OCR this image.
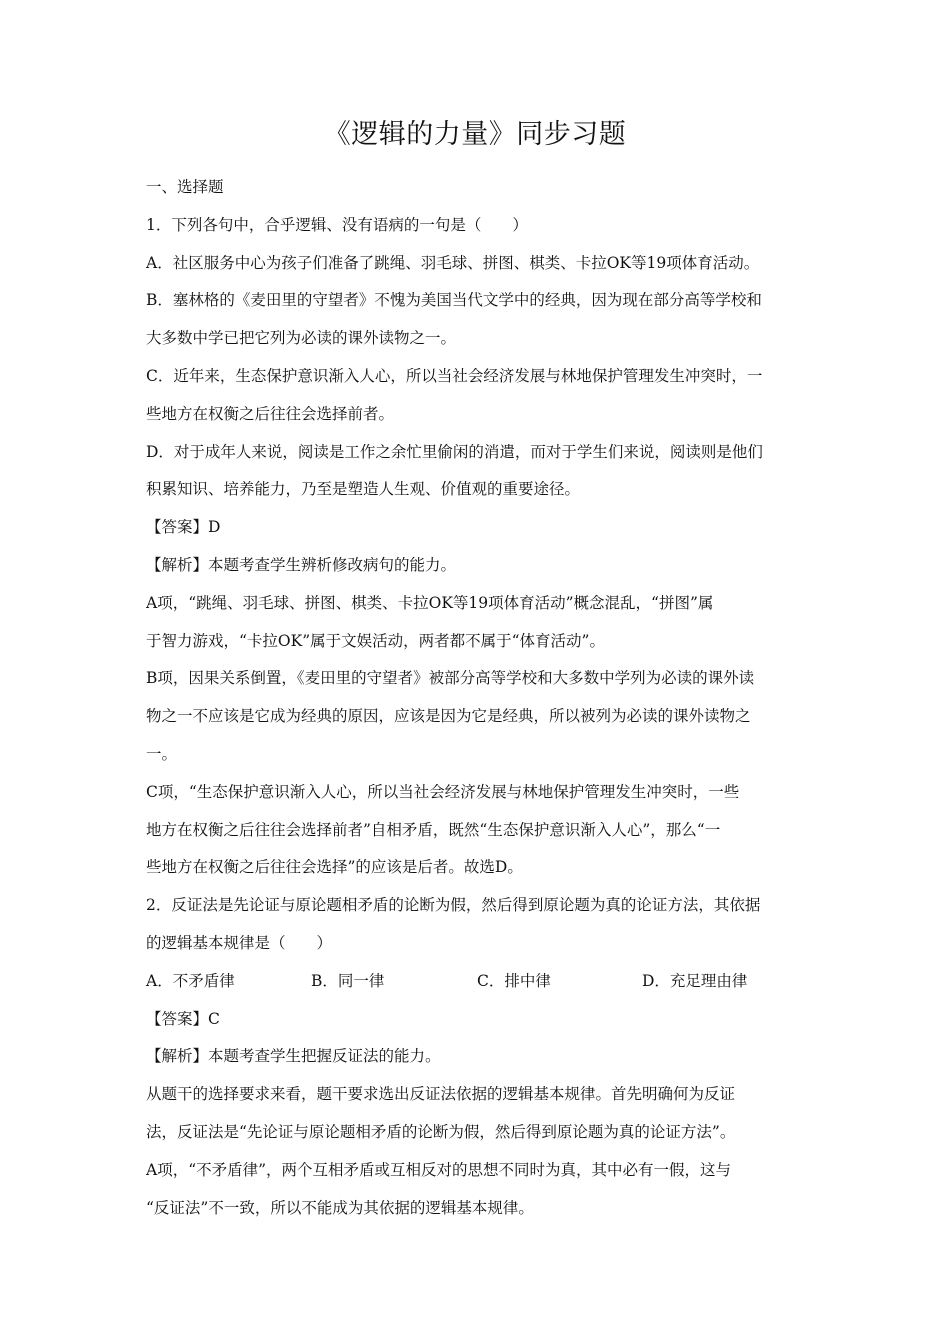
《逻辑的力量》同步习题
一、选择题
1．下列各句中，合乎逻辑、没有语病的一句是（　　）
A．社区服务中心为孩子们准备了跳绳、羽毛球、拼图、棋类、卡拉OK等19项体育活动。
B．塞林格的《麦田里的守望者》不愧为美国当代文学中的经典，因为现在部分高等学校和
大多数中学已把它列为必读的课外读物之一。
C．近年来，生态保护意识渐入人心，所以当社会经济发展与林地保护管理发生冲突时，一
些地方在权衡之后往往会选择前者。
D．对于成年人来说，阅读是工作之余忙里偷闲的消遣，而对于学生们来说，阅读则是他们
积累知识、培养能力，乃至是塑造人生观、价值观的重要途径。
【答案】D
【解析】本题考查学生辨析修改病句的能力。
A项，“跳绳、羽毛球、拼图、棋类、卡拉OK等19项体育活动”概念混乱，“拼图”属
于智力游戏，“卡拉OK”属于文娱活动，两者都不属于“体育活动”。
B项，因果关系倒置，《麦田里的守望者》被部分高等学校和大多数中学列为必读的课外读
物之一不应该是它成为经典的原因，应该是因为它是经典，所以被列为必读的课外读物之
一。
C项，“生态保护意识渐入人心，所以当社会经济发展与林地保护管理发生冲突时，一些
地方在权衡之后往往会选择前者”自相矛盾，既然“生态保护意识渐入人心”，那么“一
些地方在权衡之后往往会选择”的应该是后者。故选D。
2．反证法是先论证与原论题相矛盾的论断为假，然后得到原论题为真的论证方法，其依据
的逻辑基本规律是（　　）
A．不矛盾律	B．同一律	C．排中律	D．充足理由律
【答案】C
【解析】本题考查学生把握反证法的能力。
从题干的选择要求来看，题干要求选出反证法依据的逻辑基本规律。首先明确何为反证
法，反证法是“先论证与原论题相矛盾的论断为假，然后得到原论题为真的论证方法”。
A项，“不矛盾律”，两个互相矛盾或互相反对的思想不同时为真，其中必有一假，这与
“反证法”不一致，所以不能成为其依据的逻辑基本规律。
